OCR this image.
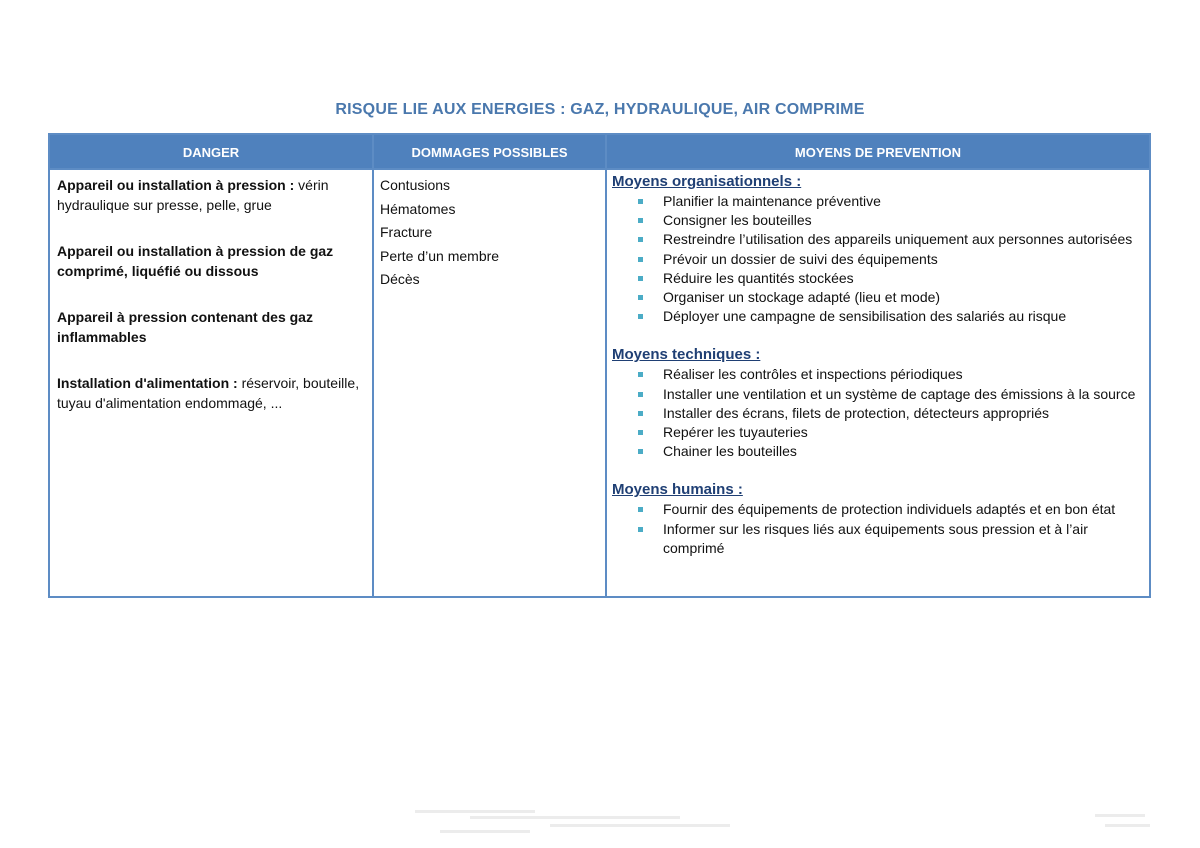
RISQUE LIE AUX ENERGIES : GAZ, HYDRAULIQUE, AIR COMPRIME
DANGER	DOMMAGES POSSIBLES	MOYENS DE PREVENTION
Appareil ou installation à pression : vérin hydraulique sur presse, pelle, grue
Appareil ou installation à pression de gaz comprimé, liquéfié ou dissous
Appareil à pression contenant des gaz inflammables
Installation d'alimentation : réservoir, bouteille, tuyau d'alimentation endommagé, ...
Contusions
Hématomes
Fracture
Perte d’un membre
Décès
Moyens organisationnels :
Planifier la maintenance préventive
Consigner les bouteilles
Restreindre l’utilisation des appareils uniquement aux personnes autorisées
Prévoir un dossier de suivi des équipements
Réduire les quantités stockées
Organiser un stockage adapté (lieu et mode)
Déployer une campagne de sensibilisation des salariés au risque
Moyens techniques :
Réaliser les contrôles et inspections périodiques
Installer une ventilation et un système de captage des émissions à la source
Installer des écrans, filets de protection, détecteurs appropriés
Repérer les tuyauteries
Chainer les bouteilles
Moyens humains :
Fournir des équipements de protection individuels adaptés et en bon état
Informer sur les risques liés aux équipements sous pression et à l’air comprimé
